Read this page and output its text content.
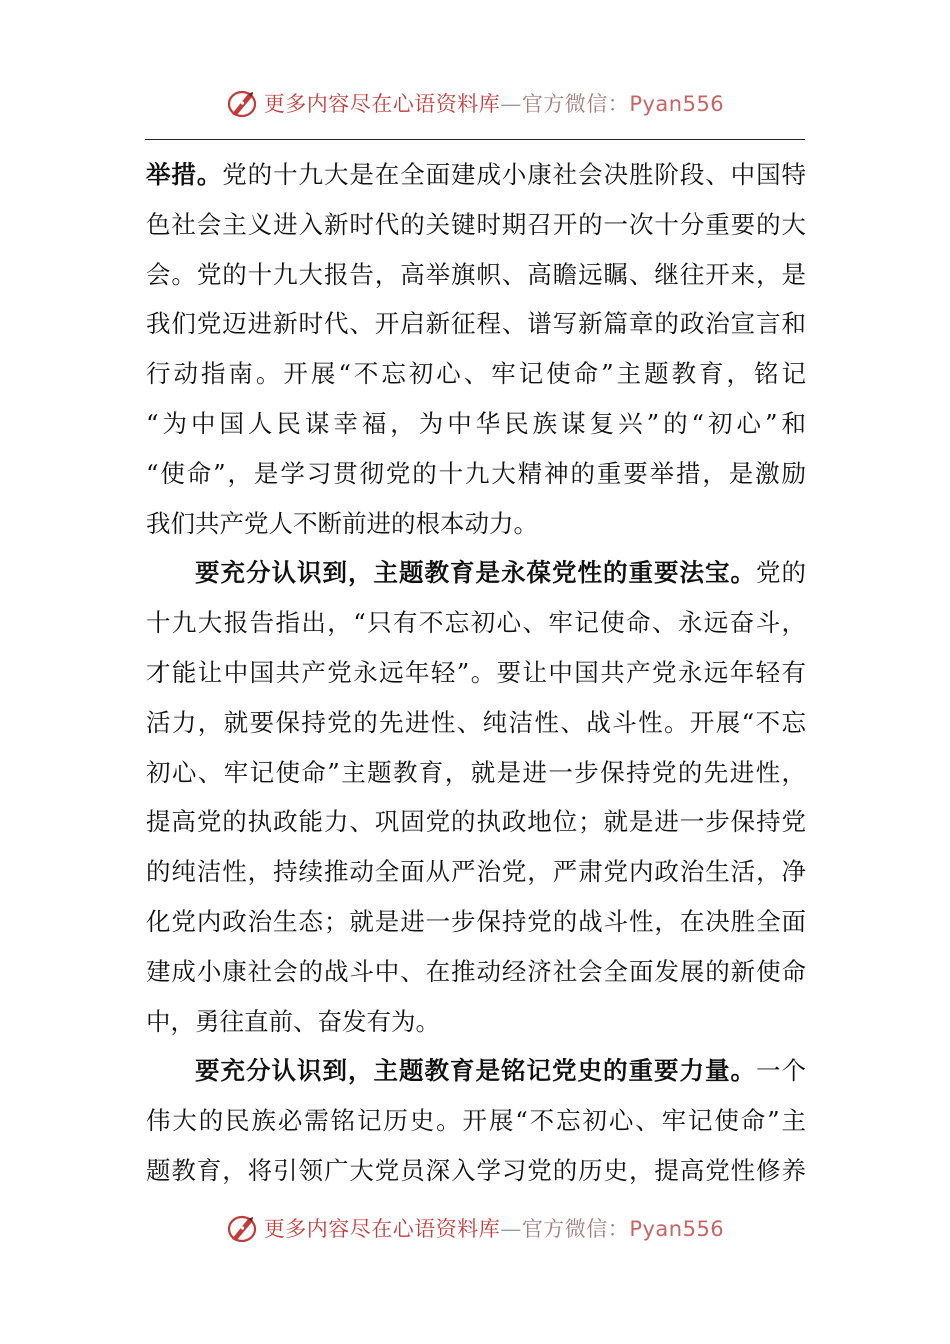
更多内容尽在心语资料库—官方微信：Pyan556
举措。党的十九大是在全面建成小康社会决胜阶段、中国特
色社会主义进入新时代的关键时期召开的一次十分重要的大
会。党的十九大报告，高举旗帜、高瞻远瞩、继往开来，是
我们党迈进新时代、开启新征程、谱写新篇章的政治宣言和
行动指南。开展“不忘初心、牢记使命”主题教育，铭记
“为中国人民谋幸福，为中华民族谋复兴”的“初心”和
“使命”，是学习贯彻党的十九大精神的重要举措，是激励
我们共产党人不断前进的根本动力。
要充分认识到，主题教育是永葆党性的重要法宝。党的
十九大报告指出，“只有不忘初心、牢记使命、永远奋斗，
才能让中国共产党永远年轻”。要让中国共产党永远年轻有
活力，就要保持党的先进性、纯洁性、战斗性。开展“不忘
初心、牢记使命”主题教育，就是进一步保持党的先进性，
提高党的执政能力、巩固党的执政地位；就是进一步保持党
的纯洁性，持续推动全面从严治党，严肃党内政治生活，净
化党内政治生态；就是进一步保持党的战斗性，在决胜全面
建成小康社会的战斗中、在推动经济社会全面发展的新使命
中，勇往直前、奋发有为。
要充分认识到，主题教育是铭记党史的重要力量。一个
伟大的民族必需铭记历史。开展“不忘初心、牢记使命”主
题教育，将引领广大党员深入学习党的历史，提高党性修养
更多内容尽在心语资料库—官方微信：Pyan556
